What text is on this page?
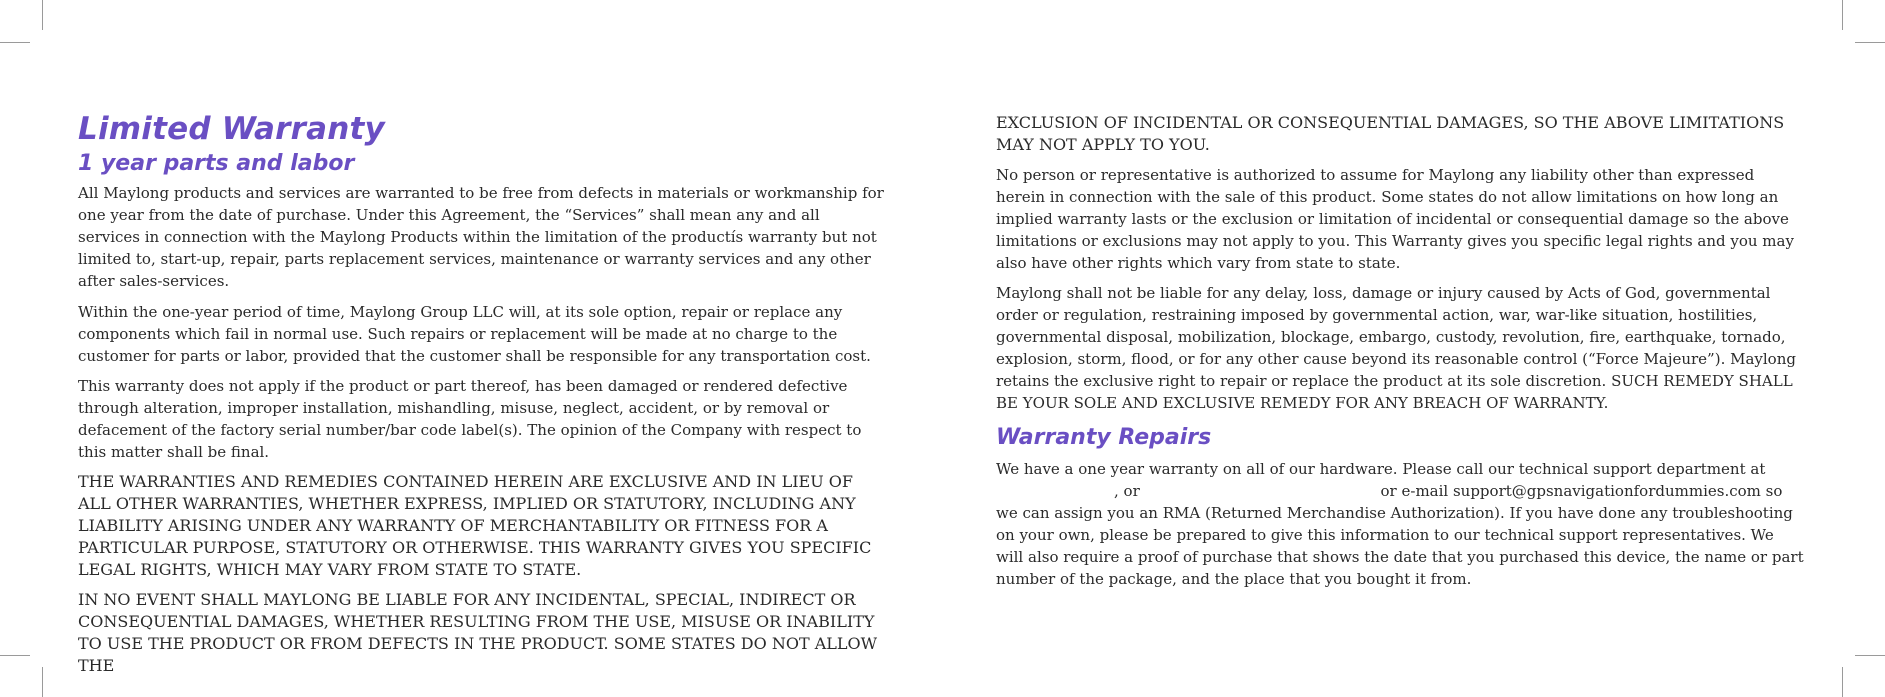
Limited Warranty
1 year parts and labor

All Maylong products and services are warranted to be free from defects in materials or workmanship for one year from the date of purchase. Under this Agreement, the “Services” shall mean any and all services in connection with the Maylong Products within the limitation of the productís warranty but not limited to, start-up, repair, parts replacement services, maintenance or warranty services and any other after sales-services.

Within the one-year period of time, Maylong Group LLC will, at its sole option, repair or replace any components which fail in normal use. Such repairs or replacement will be made at no charge to the customer for parts or labor, provided that the customer shall be responsible for any transportation cost.

This warranty does not apply if the product or part thereof, has been damaged or rendered defective through alteration, improper installation, mishandling, misuse, neglect, accident, or by removal or defacement of the factory serial number/bar code label(s). The opinion of the Company with respect to this matter shall be final.

THE WARRANTIES AND REMEDIES CONTAINED HEREIN ARE EXCLUSIVE AND IN LIEU OF ALL OTHER WARRANTIES, WHETHER EXPRESS, IMPLIED OR STATUTORY, INCLUDING ANY LIABILITY ARISING UNDER ANY WARRANTY OF MERCHANTABILITY OR FITNESS FOR A PARTICULAR PURPOSE, STATUTORY OR OTHERWISE. THIS WARRANTY GIVES YOU SPECIFIC LEGAL RIGHTS, WHICH MAY VARY FROM STATE TO STATE.

IN NO EVENT SHALL MAYLONG BE LIABLE FOR ANY INCIDENTAL, SPECIAL, INDIRECT OR CONSEQUENTIAL DAMAGES, WHETHER RESULTING FROM THE USE, MISUSE OR INABILITY TO USE THE PRODUCT OR FROM DEFECTS IN THE PRODUCT. SOME STATES DO NOT ALLOW THE

EXCLUSION OF INCIDENTAL OR CONSEQUENTIAL DAMAGES, SO THE ABOVE LIMITATIONS MAY NOT APPLY TO YOU.

No person or representative is authorized to assume for Maylong any liability other than expressed herein in connection with the sale of this product. Some states do not allow limitations on how long an implied warranty lasts or the exclusion or limitation of incidental or consequential damage so the above limitations or exclusions may not apply to you. This Warranty gives you specific legal rights and you may also have other rights which vary from state to state.

Maylong shall not be liable for any delay, loss, damage or injury caused by Acts of God, governmental order or regulation, restraining imposed by governmental action, war, war-like situation, hostilities, governmental disposal, mobilization, blockage, embargo, custody, revolution, fire, earthquake, tornado, explosion, storm, flood, or for any other cause beyond its reasonable control (“Force Majeure”). Maylong retains the exclusive right to repair or replace the product at its sole discretion. SUCH REMEDY SHALL BE YOUR SOLE AND EXCLUSIVE REMEDY FOR ANY BREACH OF WARRANTY.

Warranty Repairs

We have a one year warranty on all of our hardware. Please call our technical support department at , or	or e-mail support@gpsnavigationfordummies.com so we can assign you an RMA (Returned Merchandise Authorization). If you have done any troubleshooting on your own, please be prepared to give this information to our technical support representatives. We will also require a proof of purchase that shows the date that you purchased this device, the name or part number of the package, and the place that you bought it from.
